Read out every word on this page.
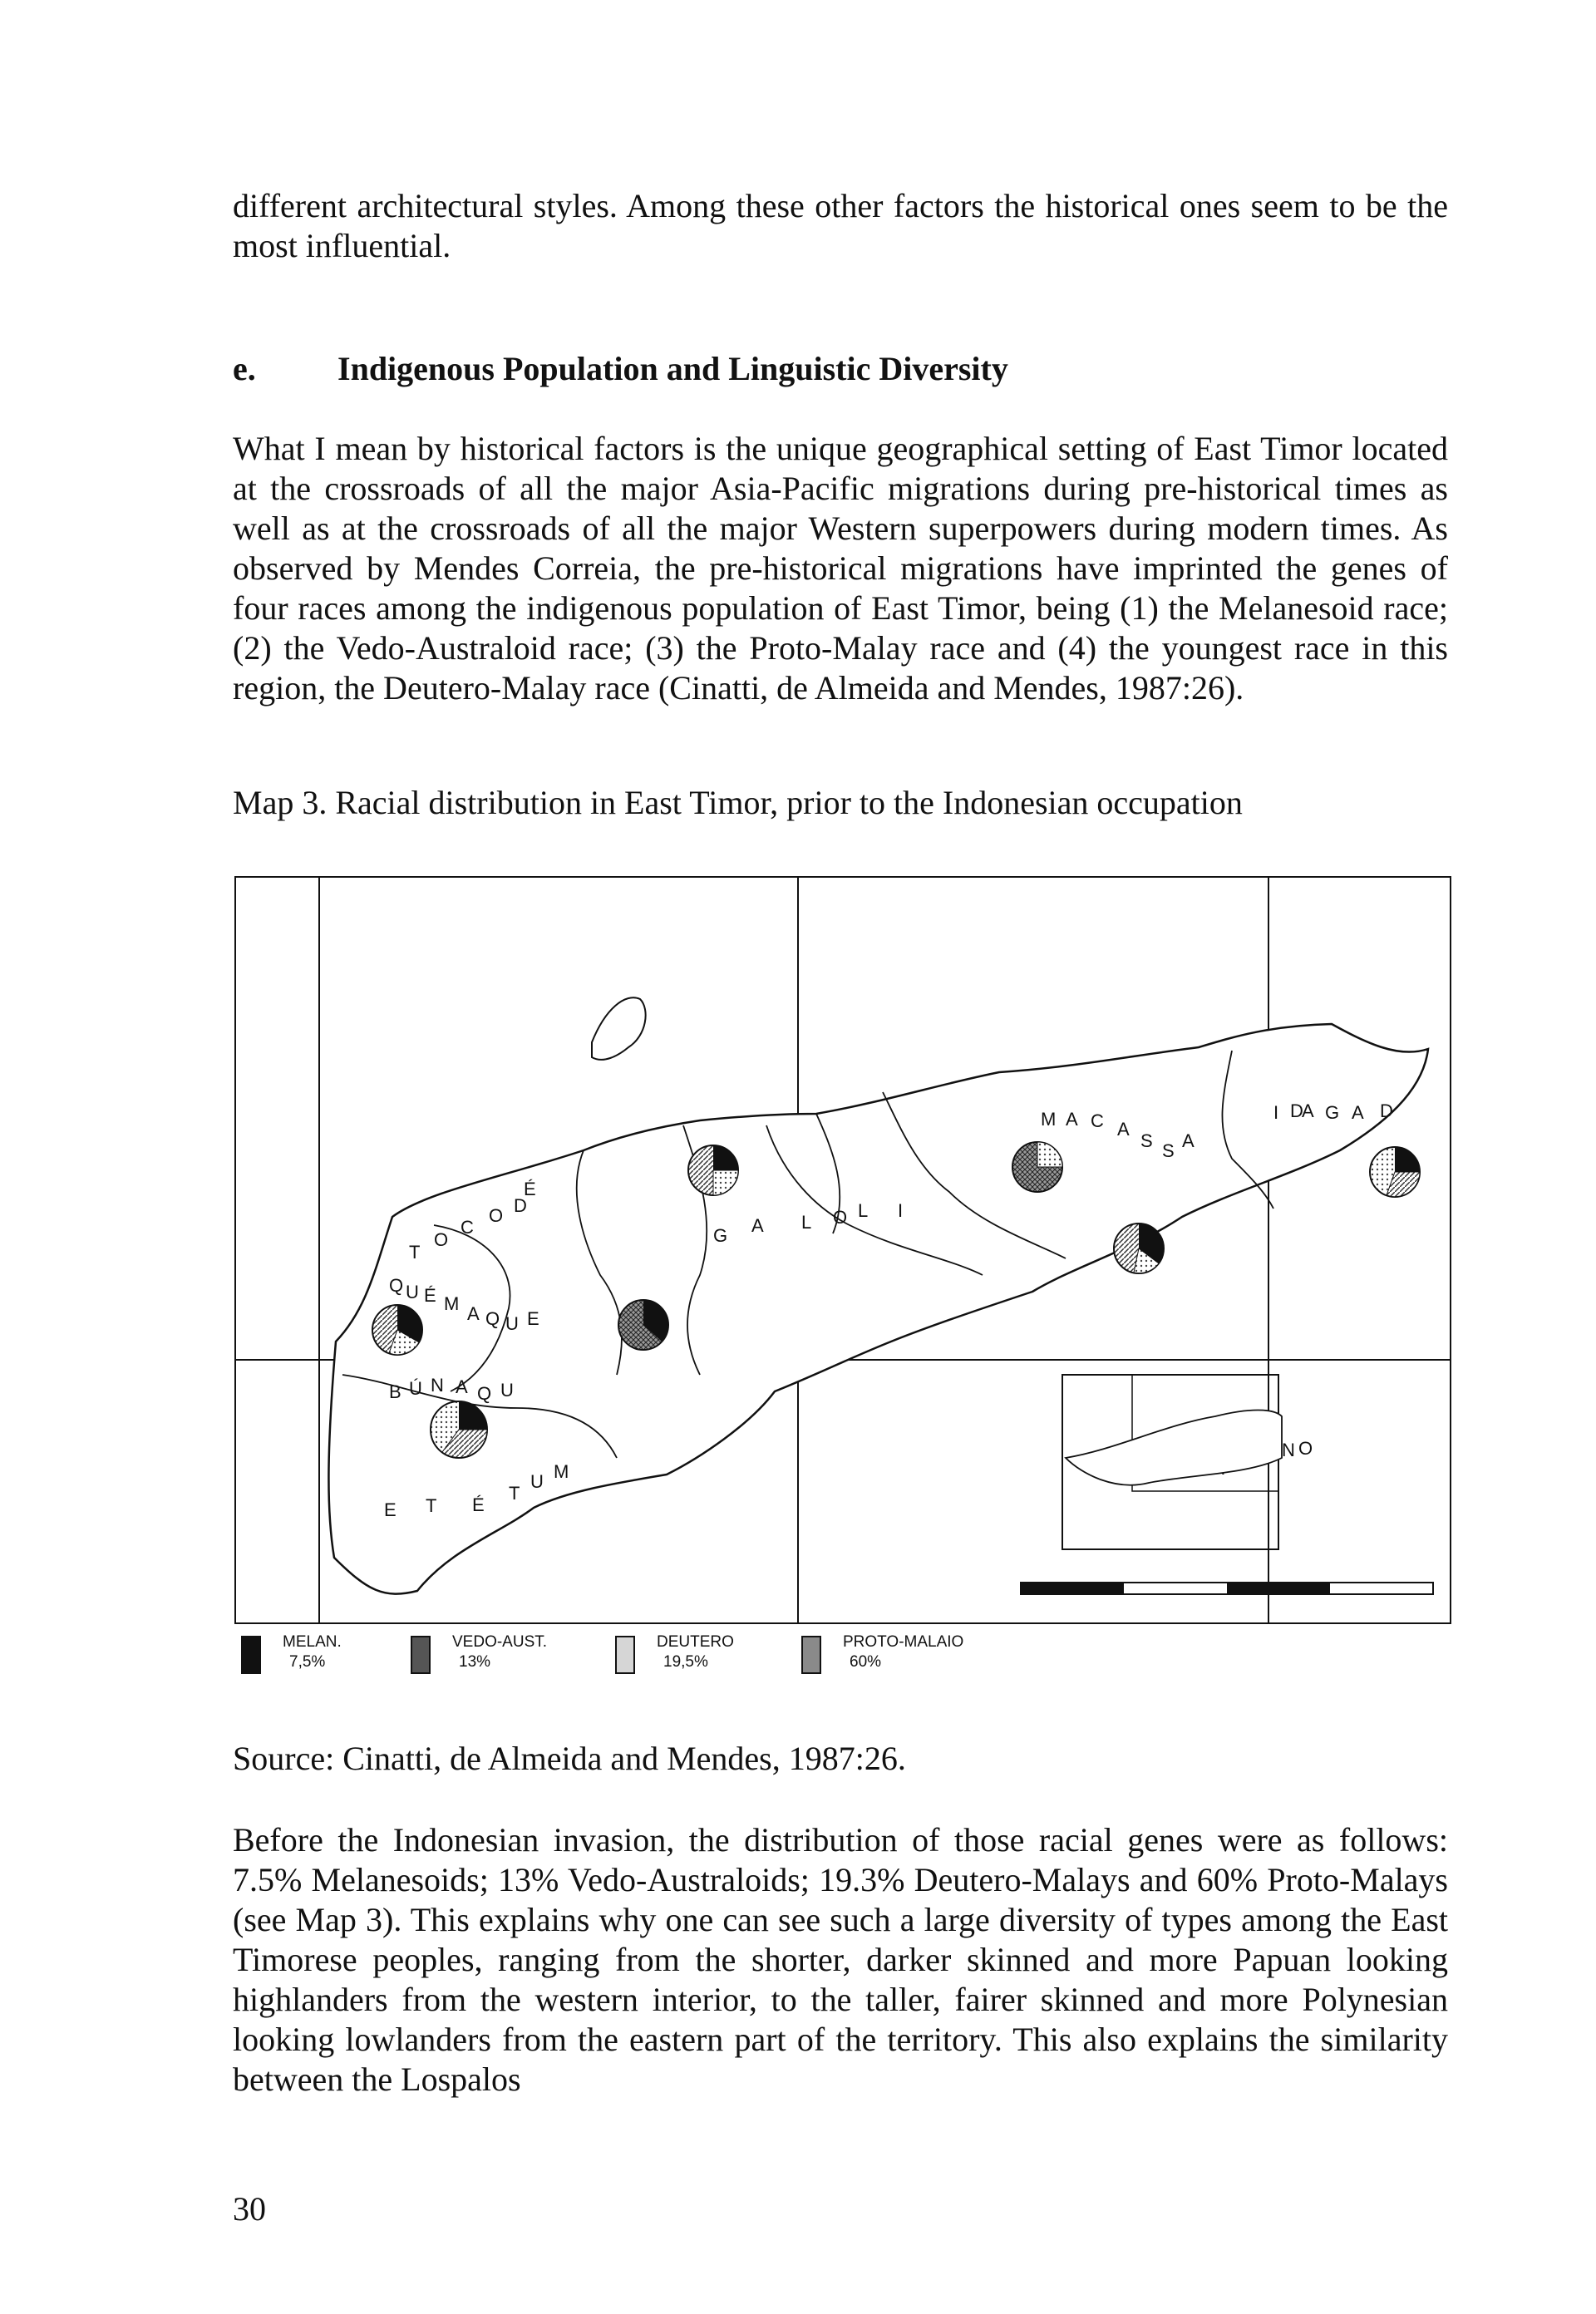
different architectural styles. Among these other factors the historical ones seem to be the most influential.

e. Indigenous Population and Linguistic Diversity

What I mean by historical factors is the unique geographical setting of East Timor located at the crossroads of all the major Asia-Pacific migrations during pre-historical times as well as at the crossroads of all the major Western superpowers during modern times. As observed by Mendes Correia, the pre-historical migrations have imprinted the genes of four races among the indigenous population of East Timor, being (1) the Melanesoid race; (2) the Vedo-Australoid race; (3) the Proto-Malay race and (4) the youngest race in this region, the Deutero-Malay race (Cinatti, de Almeida and Mendes, 1987:26).

Map 3. Racial distribution in East Timor, prior to the Indonesian occupation

T
O
C
O D
É
Q U É M A Q U E
B Ú N A Q U
E T É
T
U M
G A L O L I
M A C A
S S A
I D
A G A D
N O
MELAN.
7,5%
VEDO-AUST.
13%
DEUTERO
19,5%
PROTO-MALAIO
60%

Source: Cinatti, de Almeida and Mendes, 1987:26.

Before the Indonesian invasion, the distribution of those racial genes were as follows: 7.5% Melanesoids; 13% Vedo-Australoids; 19.3% Deutero-Malays and 60% Proto-Malays (see Map 3). This explains why one can see such a large diversity of types among the East Timorese peoples, ranging from the shorter, darker skinned and more Papuan looking highlanders from the western interior, to the taller, fairer skinned and more Polynesian looking lowlanders from the eastern part of the territory. This also explains the similarity between the Lospalos

30
